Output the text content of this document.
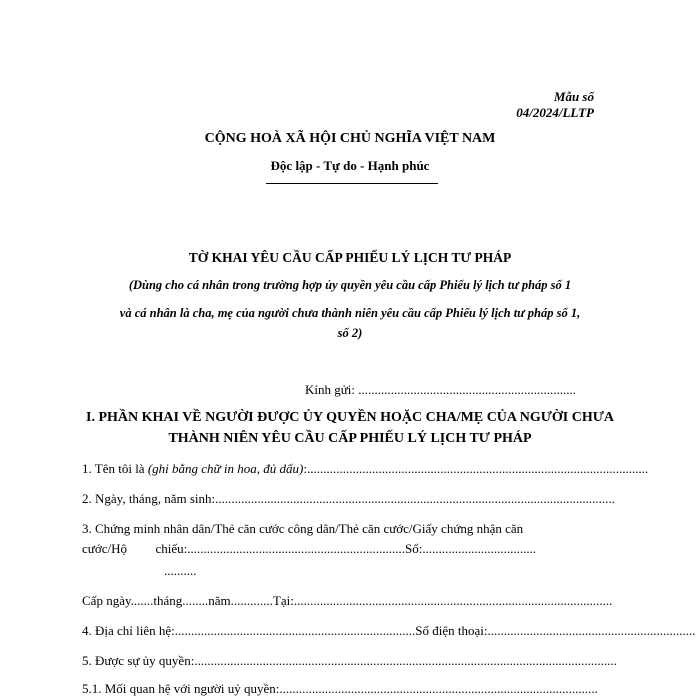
Mẫu số
04/2024/LLTP
CỘNG HOÀ XÃ HỘI CHỦ NGHĨA VIỆT NAM
Độc lập - Tự do - Hạnh phúc
TỜ KHAI YÊU CẦU CẤP PHIẾU LÝ LỊCH TƯ PHÁP
(Dùng cho cá nhân trong trường hợp ủy quyền yêu cầu cấp Phiếu lý lịch tư pháp số 1
và cá nhân là cha, mẹ của người chưa thành niên yêu cầu cấp Phiếu lý lịch tư pháp số 1,
số 2)
Kính gửi: ...................................................................
I. PHẦN KHAI VỀ NGƯỜI ĐƯỢC ỦY QUYỀN HOẶC CHA/MẸ CỦA NGƯỜI CHƯA
THÀNH NIÊN YÊU CẦU CẤP PHIẾU LÝ LỊCH TƯ PHÁP
1. Tên tôi là (ghi bằng chữ in hoa, đủ dấu):.........................................................................................................
2. Ngày, tháng, năm sinh:...........................................................................................................................
3. Chứng minh nhân dân/Thẻ căn cước công dân/Thẻ căn cước/Giấy chứng nhận căn
cước/Hộ chiếu:...................................................................Số:...................................
..........
Cấp ngày.......tháng........năm.............Tại:..................................................................................................
4. Địa chỉ liên hệ:..........................................................................Số điện thoại:................................................................
5. Được sự ủy quyền:..................................................................................................................................
5.1. Mối quan hệ với người uỷ quyền:..................................................................................................
